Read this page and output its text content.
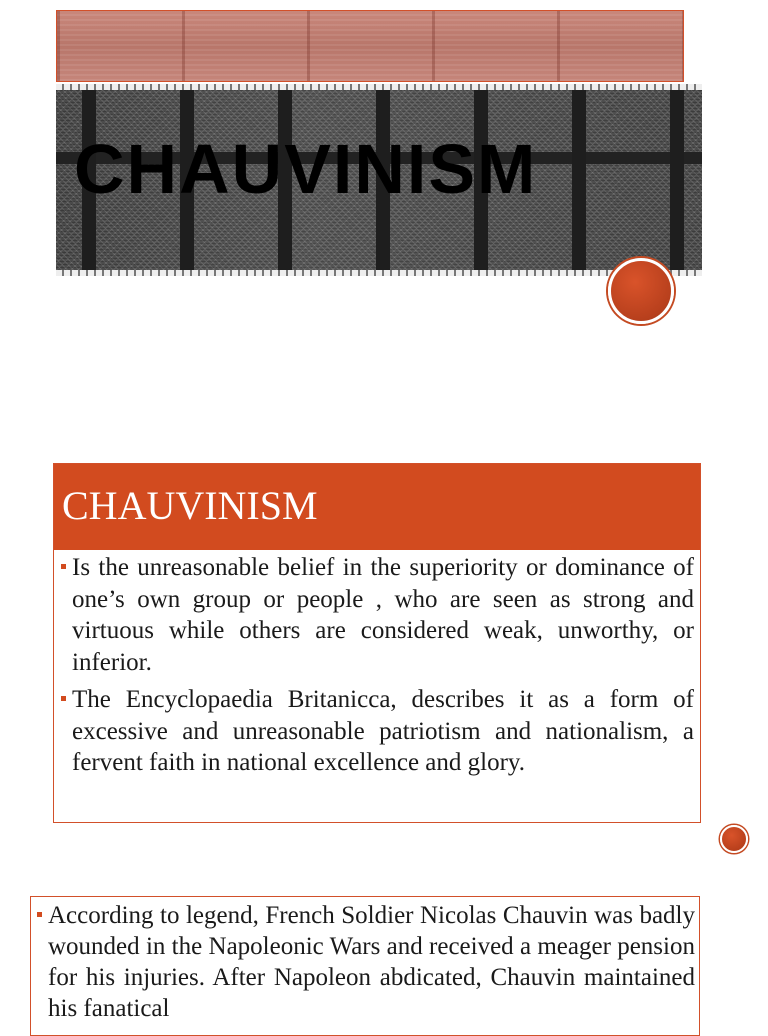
CHAUVINISM
CHAUVINISM

Is the unreasonable belief in the superiority or dominance of one’s own group or people , who are seen as strong and virtuous while others are considered weak, unworthy, or inferior.

The Encyclopaedia Britanicca, describes it as a form of excessive and unreasonable patriotism and nationalism, a fervent faith in national excellence and glory.

According to legend, French Soldier Nicolas Chauvin was badly wounded in the Napoleonic Wars and received a meager pension for his injuries. After Napoleon abdicated, Chauvin maintained his fanatical
